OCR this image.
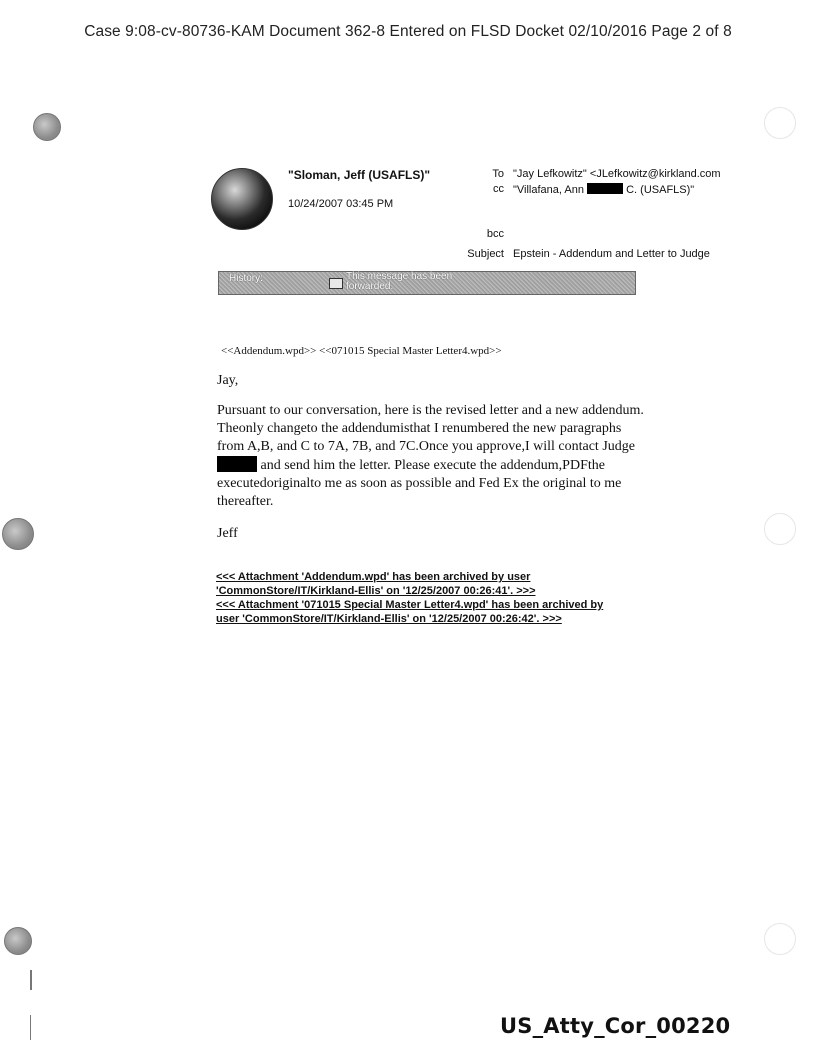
Case 9:08-cv-80736-KAM Document 362-8 Entered on FLSD Docket 02/10/2016 Page 2 of 8
"Sloman, Jeff (USAFLS)"
10/24/2007 03:45 PM
To "Jay Lefkowitz" <JLefkowitz@kirkland.com
cc "Villafana, Ann	C. (USAFLS)"
bcc
Subject Epstein - Addendum and Letter to Judge
History:	This message has been forwarded.
<<Addendum.wpd>> <<071015 Special Master Letter4.wpd>>
Jay,
Pursuant to our conversation, here is the revised letter and a new addendum. Theonly changeto the addendumisthat I renumbered the new paragraphs from A,B, and C to 7A, 7B, and 7C.Once you approve,I will contact Judge  and send him the letter. Please execute the addendum,PDFthe executedoriginalto me as soon as possible and Fed Ex the original to me thereafter.
Jeff
<<< Attachment 'Addendum.wpd' has been archived by user 'CommonStore/IT/Kirkland-Ellis' on '12/25/2007 00:26:41'. >>>
<<< Attachment '071015 Special Master Letter4.wpd' has been archived by user 'CommonStore/IT/Kirkland-Ellis' on '12/25/2007 00:26:42'. >>>
US_Atty_Cor_00220
